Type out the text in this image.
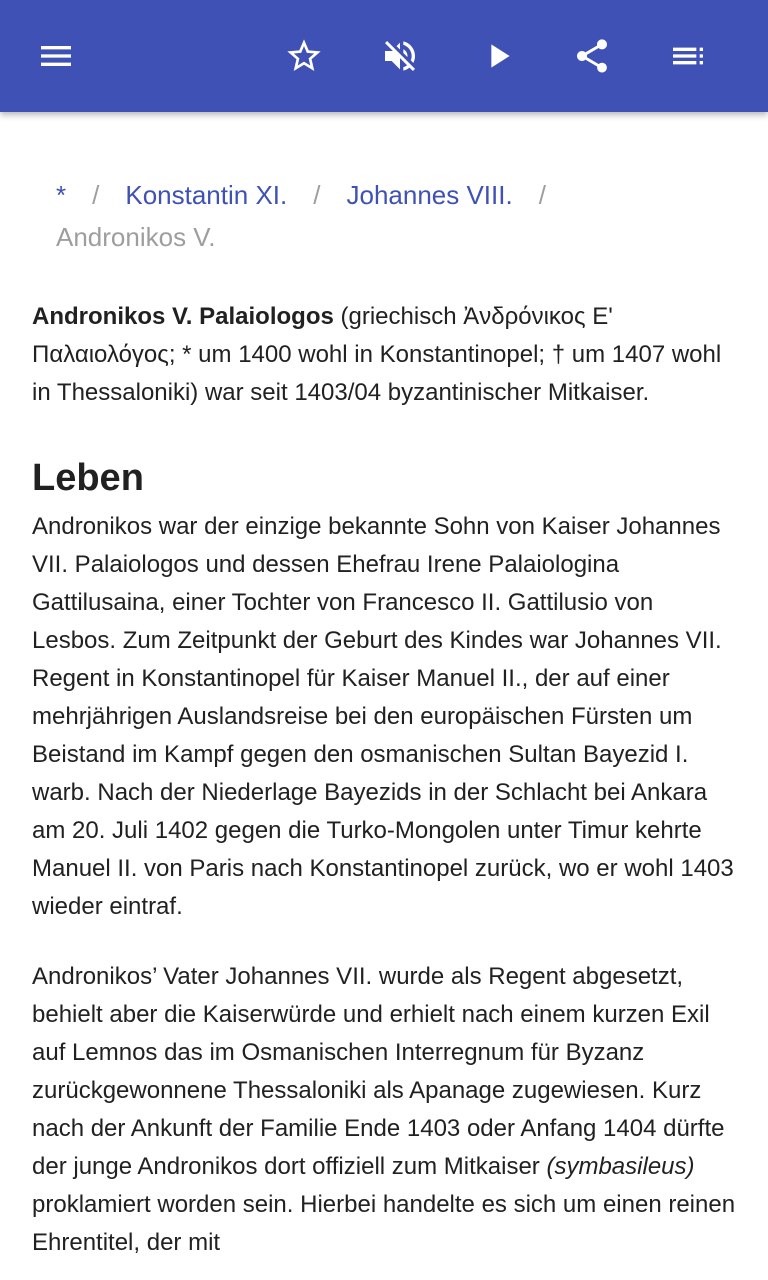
* / Konstantin XI. / Johannes VIII. /
Andronikos V.

Andronikos V. Palaiologos (griechisch Ἀνδρόνικος Ε' Παλαιολόγος; * um 1400 wohl in Konstantinopel; † um 1407 wohl in Thessaloniki) war seit 1403/04 byzantinischer Mitkaiser.

Leben

Andronikos war der einzige bekannte Sohn von Kaiser Johannes VII. Palaiologos und dessen Ehefrau Irene Palaiologina Gattilusaina, einer Tochter von Francesco II. Gattilusio von Lesbos. Zum Zeitpunkt der Geburt des Kindes war Johannes VII. Regent in Konstantinopel für Kaiser Manuel II., der auf einer mehrjährigen Auslandsreise bei den europäischen Fürsten um Beistand im Kampf gegen den osmanischen Sultan Bayezid I. warb. Nach der Niederlage Bayezids in der Schlacht bei Ankara am 20. Juli 1402 gegen die Turko-Mongolen unter Timur kehrte Manuel II. von Paris nach Konstantinopel zurück, wo er wohl 1403 wieder eintraf.

Andronikos’ Vater Johannes VII. wurde als Regent abgesetzt, behielt aber die Kaiserwürde und erhielt nach einem kurzen Exil auf Lemnos das im Osmanischen Interregnum für Byzanz zurückgewonnene Thessaloniki als Apanage zugewiesen. Kurz nach der Ankunft der Familie Ende 1403 oder Anfang 1404 dürfte der junge Andronikos dort offiziell zum Mitkaiser (symbasileus) proklamiert worden sein. Hierbei handelte es sich um einen reinen Ehrentitel, der mit
